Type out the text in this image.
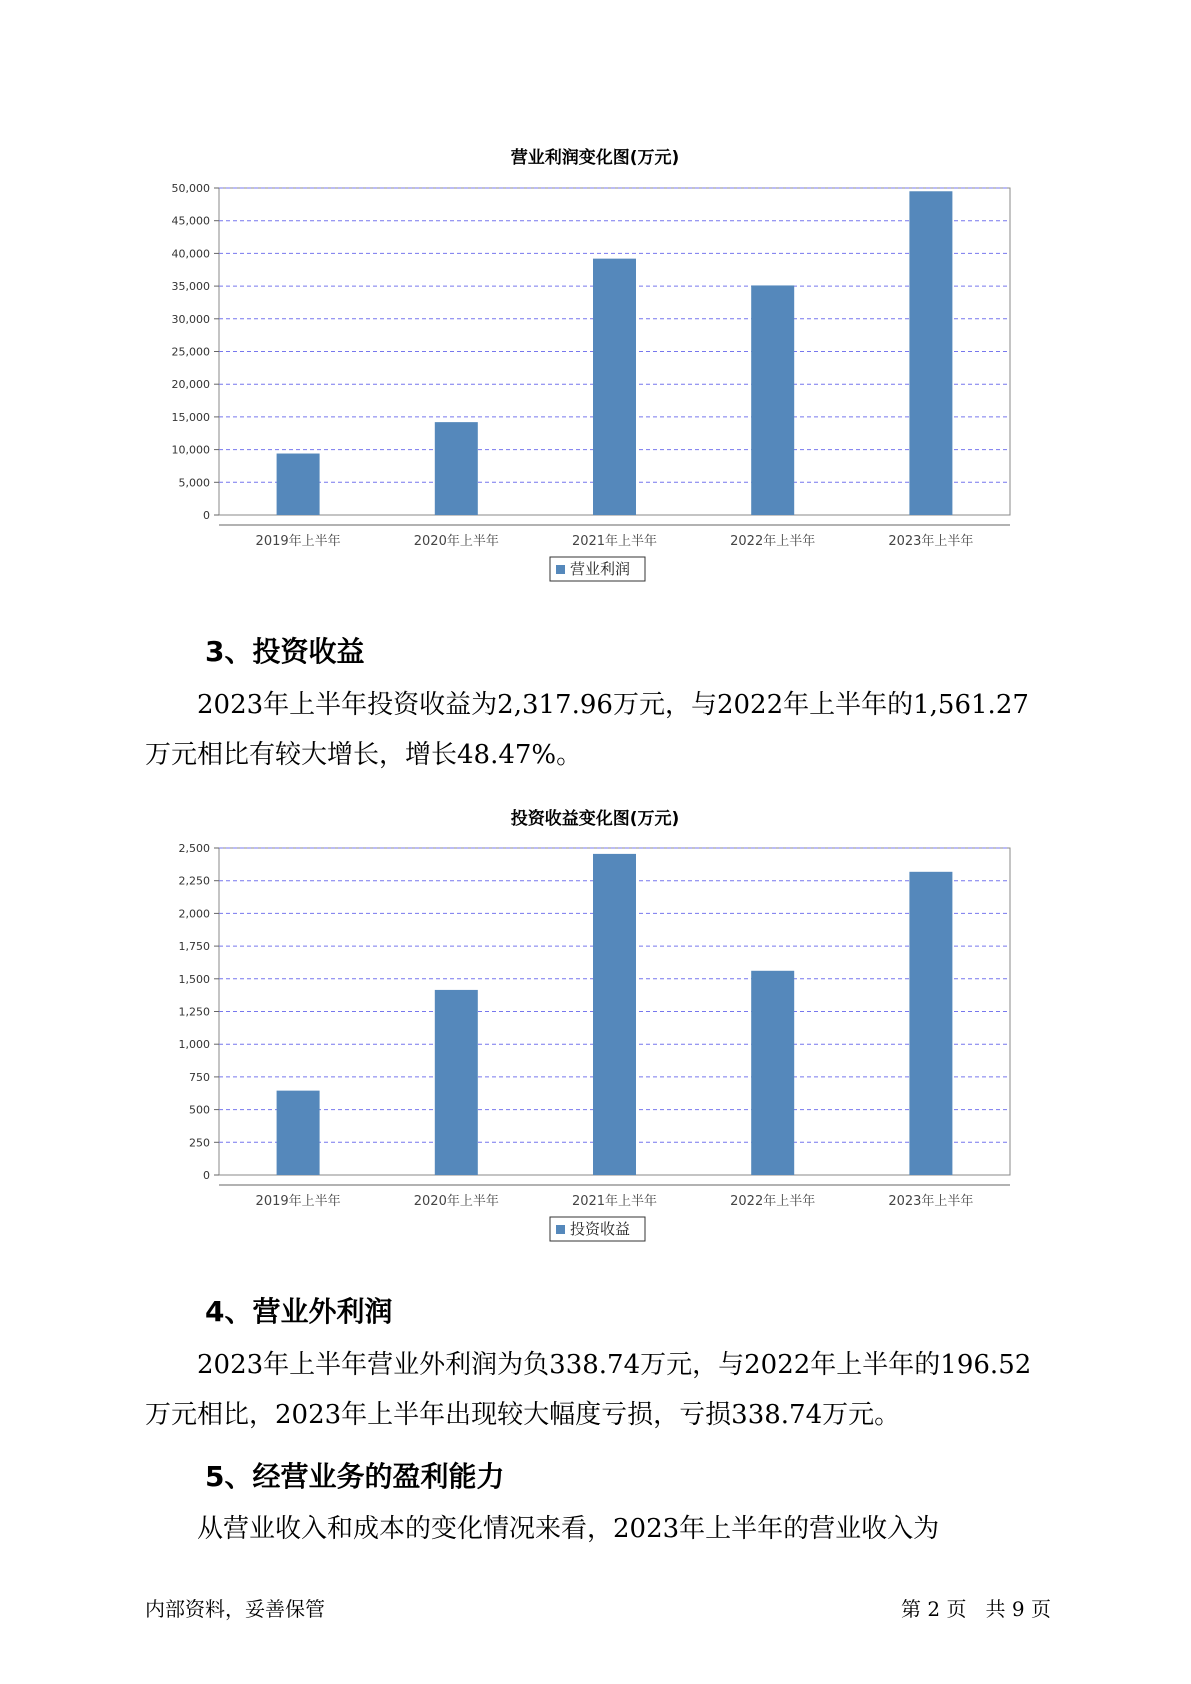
营业利润变化图(万元)
0
5,000
10,000
15,000
20,000
25,000
30,000
35,000
40,000
45,000
50,000
2019年上半年	2020年上半年	2021年上半年	2022年上半年	2023年上半年
营业利润
3、投资收益
2023年上半年投资收益为2,317.96万元，与2022年上半年的1,561.27
万元相比有较大增长，增长48.47%。
投资收益变化图(万元)
0
250
500
750
1,000
1,250
1,500
1,750
2,000
2,250
2,500
2019年上半年	2020年上半年	2021年上半年	2022年上半年	2023年上半年
投资收益
4、营业外利润
2023年上半年营业外利润为负338.74万元，与2022年上半年的196.52
万元相比，2023年上半年出现较大幅度亏损，亏损338.74万元。
5、经营业务的盈利能力
从营业收入和成本的变化情况来看，2023年上半年的营业收入为
内部资料，妥善保管	第 2 页   共 9 页
